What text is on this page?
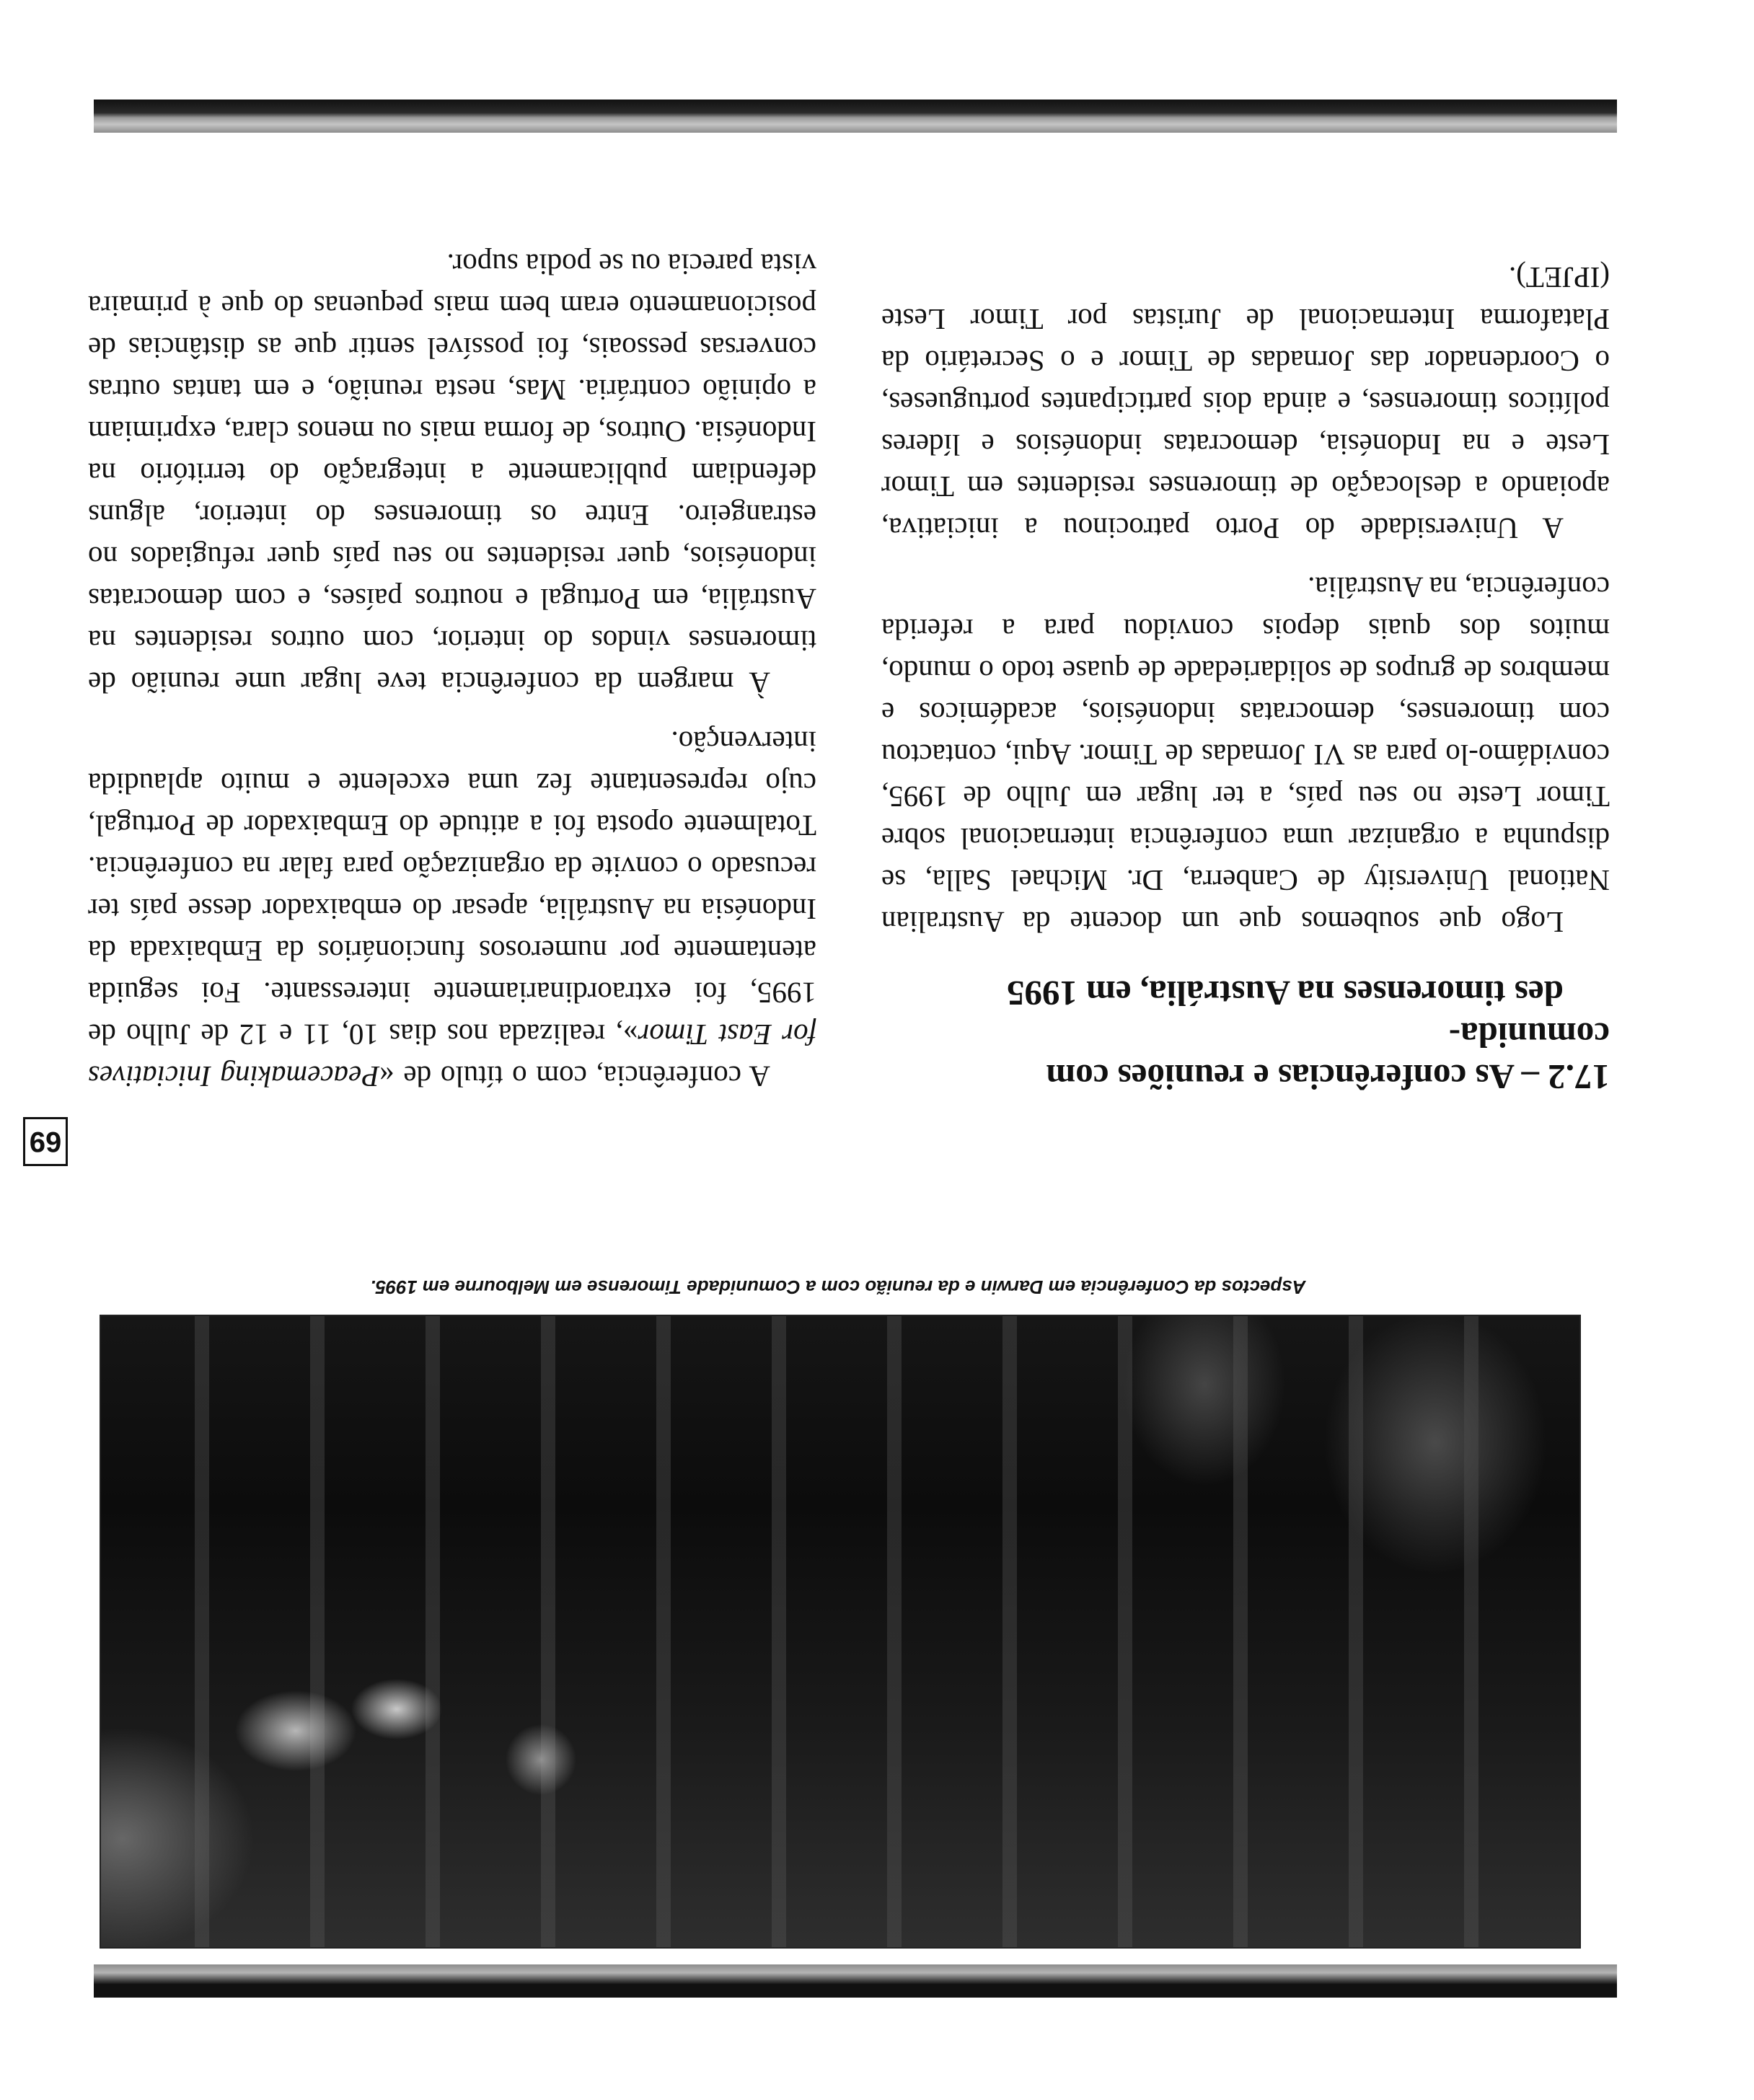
Aspectos da Conferência em Darwin e da reunião com a Comunidade Timorense em Melbourne em 1995.
17.2 – As conferências e reuniões com comunida-
des timorenses na Austrália, em 1995

Logo que soubemos que um docente da Australian National University de Canberra, Dr. Michael Salla, se dispunha a organizar uma conferência internacional sobre Timor Leste no seu país, a ter lugar em Julho de 1995, convidámo-lo para as VI Jornadas de Timor. Aqui, contactou com timorenses, democratas indonésios, académicos e membros de grupos de solidariedade de quase todo o mundo, muitos dos quais depois convidou para a referida conferência, na Austrália.

A Universidade do Porto patrocinou a iniciativa, apoiando a deslocação de timorenses residentes em Timor Leste e na Indonésia, democratas indonésios e líderes políticos timorenses, e ainda dois participantes portugueses, o Coordenador das Jornadas de Timor e o Secretário da Plataforma Internacional de Juristas por Timor Leste (IPJET).

A conferência, com o título de «Peacemaking Iniciatives for East Timor», realizada nos dias 10, 11 e 12 de Julho de 1995, foi extraordinariamente interessante. Foi seguida atentamente por numerosos funcionários da Embaixada da Indonésia na Austrália, apesar do embaixador desse país ter recusado o convite da organização para falar na conferência. Totalmente oposta foi a atitude do Embaixador de Portugal, cujo representante fez uma excelente e muito aplaudida intervenção.

À margem da conferência teve lugar ume reunião de timorenses vindos do interior, com outros residentes na Austrália, em Portugal e noutros países, e com democratas indonésios, quer residentes no seu país quer refugiados no estrangeiro. Entre os timorenses do interior, alguns defendiam publicamente a integração do território na Indonésia. Outros, de forma mais ou menos clara, exprimiam a opinião contrária. Mas, nesta reunião, e em tantas outras conversas pessoais, foi possível sentir que as distâncias de posicionamento eram bem mais pequenas do que à primaira vista parecia ou se podia supor.

69
